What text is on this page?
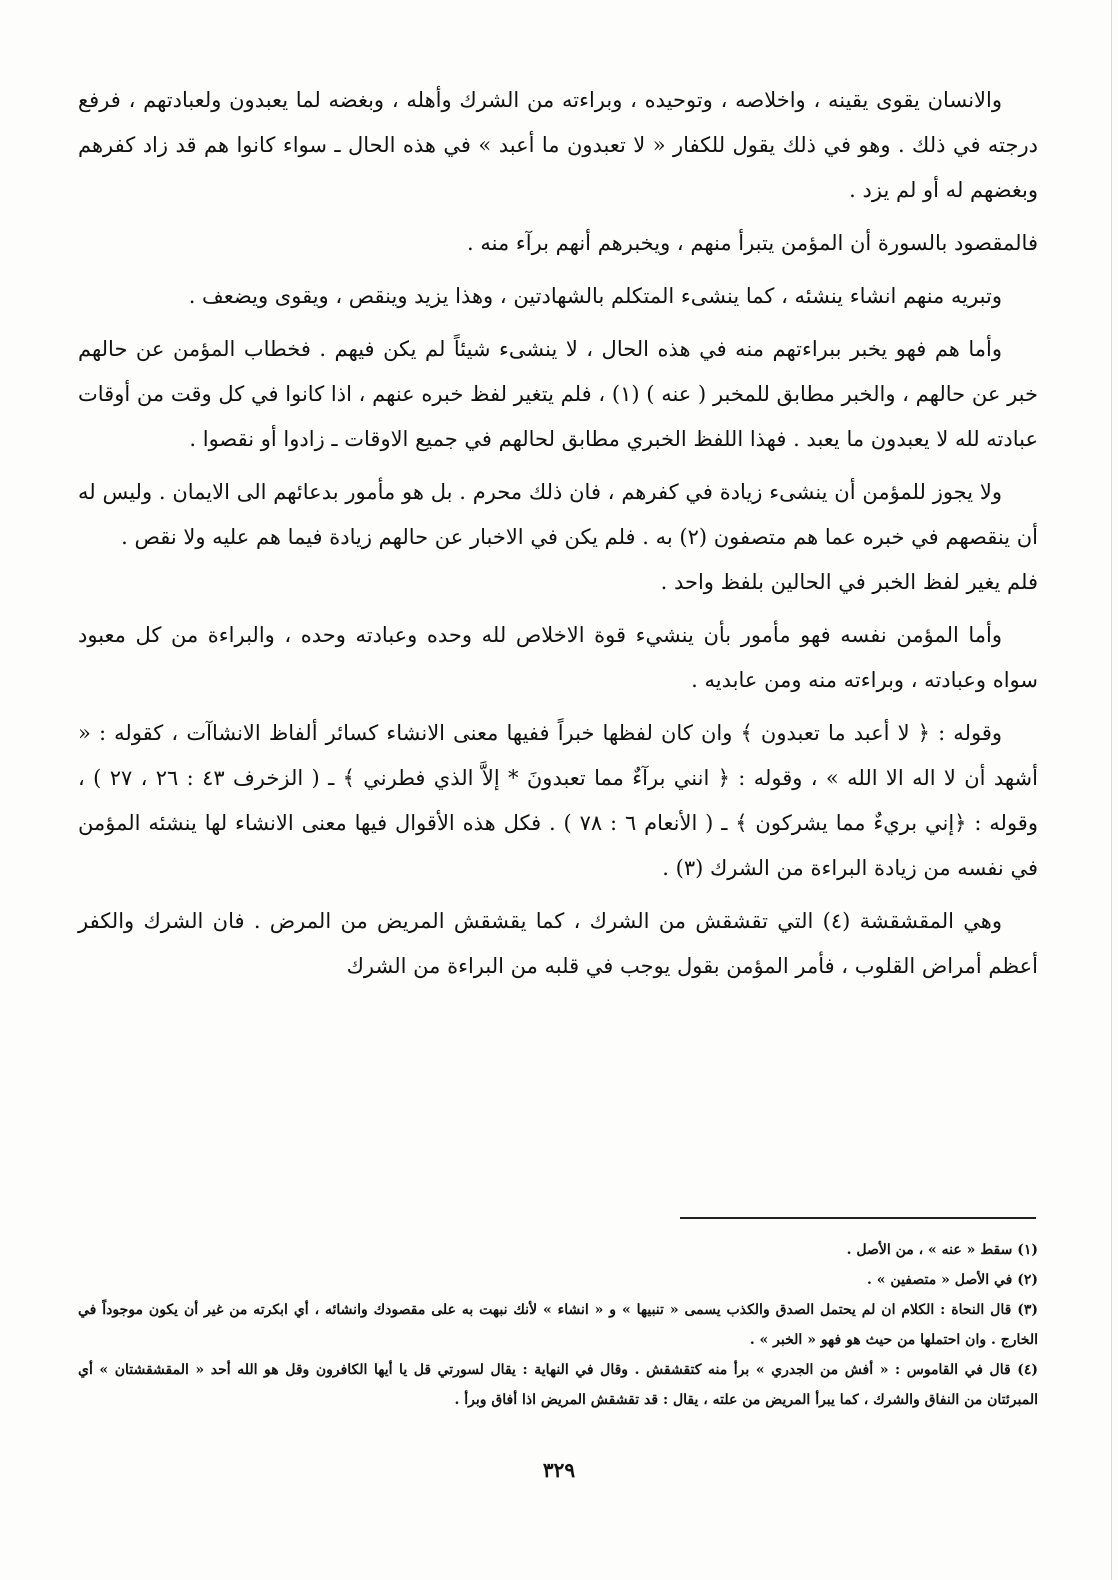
والانسان يقوى يقينه ، واخلاصه ، وتوحيده ، وبراءته من الشرك وأهله ، وبغضه لما يعبدون ولعبادتهم ، فرفع درجته في ذلك . وهو في ذلك يقول للكفار « لا تعبدون ما أعبد » في هذه الحال ـ سواء كانوا هم قد زاد كفرهم وبغضهم له أو لم يزد .

فالمقصود بالسورة أن المؤمن يتبرأ منهم ، ويخبرهم أنهم برآء منه .

وتبريه منهم انشاء ينشئه ، كما ينشىء المتكلم بالشهادتين ، وهذا يزيد وينقص ، ويقوى ويضعف .

وأما هم فهو يخبر ببراءتهم منه في هذه الحال ، لا ينشىء شيئاً لم يكن فيهم . فخطاب المؤمن عن حالهم خبر عن حالهم ، والخبر مطابق للمخبر ( عنه ) (١) ، فلم يتغير لفظ خبره عنهم ، اذا كانوا في كل وقت من أوقات عبادته لله لا يعبدون ما يعبد . فهذا اللفظ الخبري مطابق لحالهم في جميع الاوقات ـ زادوا أو نقصوا .

ولا يجوز للمؤمن أن ينشىء زيادة في كفرهم ، فان ذلك محرم . بل هو مأمور بدعائهم الى الايمان . وليس له أن ينقصهم في خبره عما هم متصفون (٢) به . فلم يكن في الاخبار عن حالهم زيادة فيما هم عليه ولا نقص .

فلم يغير لفظ الخبر في الحالين بلفظ واحد .

وأما المؤمن نفسه فهو مأمور بأن ينشيء قوة الاخلاص لله وحده وعبادته وحده ، والبراءة من كل معبود سواه وعبادته ، وبراءته منه ومن عابديه .

وقوله : ﴿ لا أعبد ما تعبدون ﴾ وان كان لفظها خبراً ففيها معنى الانشاء كسائر ألفاظ الانشاآت ، كقوله : « أشهد أن لا اله الا الله » ، وقوله : ﴿ انني برآءٌ مما تعبدونَ * إلاَّ الذي فطرني ﴾ ـ ( الزخرف ٤٣ : ٢٦ ، ٢٧ ) ، وقوله : ﴿إني بريءٌ مما يشركون ﴾ ـ ( الأنعام ٦ : ٧٨ ) . فكل هذه الأقوال فيها معنى الانشاء لها ينشئه المؤمن في نفسه من زيادة البراءة من الشرك (٣) .

وهي المقشقشة (٤) التي تقشقش من الشرك ، كما يقشقش المريض من المرض . فان الشرك والكفر أعظم أمراض القلوب ، فأمر المؤمن بقول يوجب في قلبه من البراءة من الشرك

(١) سقط « عنه » ، من الأصل .

(٢) في الأصل « متصفين » .

(٣) قال النحاة : الكلام ان لم يحتمل الصدق والكذب يسمى « تنبيها » و « انشاء » لأنك نبهت به على مقصودك وانشائه ، أي ابكرته من غير أن يكون موجوداً في الخارج . وان احتملها من حيث هو فهو « الخبر » .

(٤) قال في القاموس : « أفش من الجدري » برأ منه كتقشقش . وقال في النهاية : يقال لسورتي قل يا أيها الكافرون وقل هو الله أحد « المقشقشتان » أي المبرئتان من النفاق والشرك ، كما يبرأ المريض من علته ، يقال : قد تقشقش المريض اذا أفاق وبرأ .

٣٢٩
